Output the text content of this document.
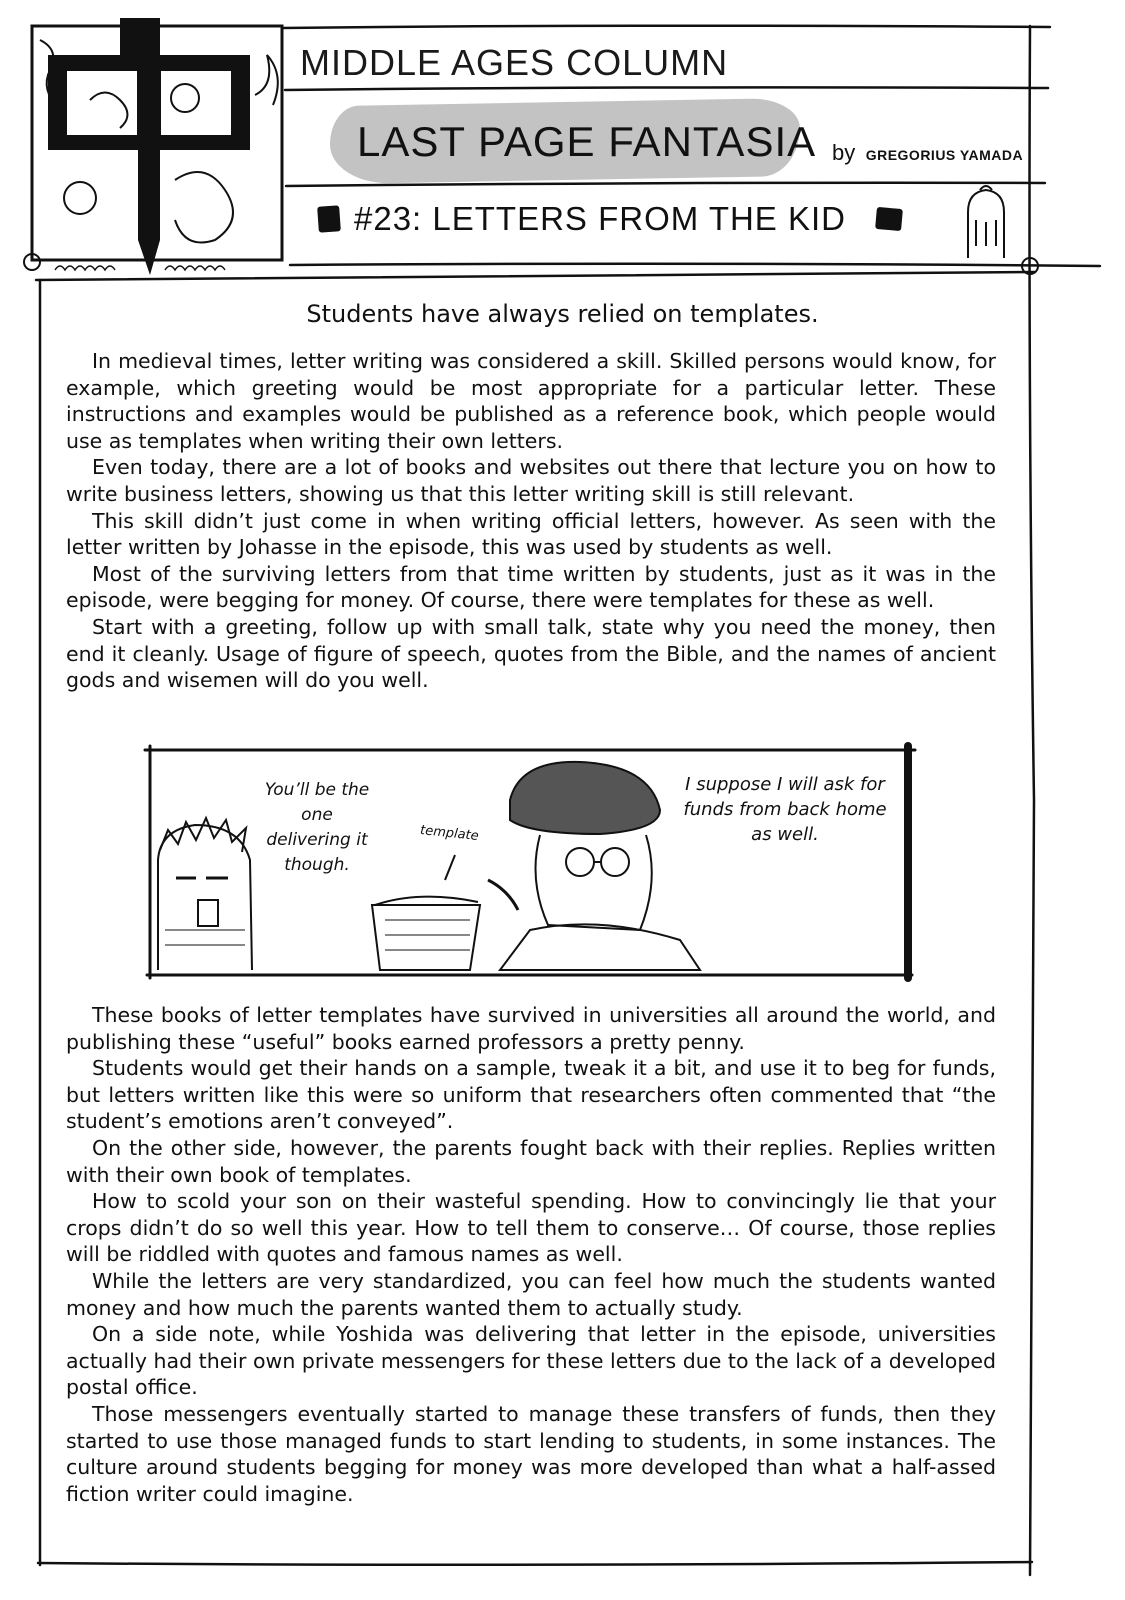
MIDDLE AGES COLUMN
LAST PAGE FANTASIA by GREGORIUS YAMADA
#23: LETTERS FROM THE KID
Students have always relied on templates.

In medieval times, letter writing was considered a skill. Skilled persons would know, for example, which greeting would be most appropriate for a particular letter. These instructions and examples would be published as a reference book, which people would use as templates when writing their own letters.

Even today, there are a lot of books and websites out there that lecture you on how to write business letters, showing us that this letter writing skill is still relevant.

This skill didn’t just come in when writing official letters, however. As seen with the letter written by Johasse in the episode, this was used by students as well.

Most of the surviving letters from that time written by students, just as it was in the episode, were begging for money. Of course, there were templates for these as well.

Start with a greeting, follow up with small talk, state why you need the money, then end it cleanly. Usage of figure of speech, quotes from the Bible, and the names of ancient gods and wisemen will do you well.

You’ll be the one delivering it though.
template
I suppose I will ask for funds from back home as well.

These books of letter templates have survived in universities all around the world, and publishing these “useful” books earned professors a pretty penny.

Students would get their hands on a sample, tweak it a bit, and use it to beg for funds, but letters written like this were so uniform that researchers often commented that “the student’s emotions aren’t conveyed”.

On the other side, however, the parents fought back with their replies. Replies written with their own book of templates.

How to scold your son on their wasteful spending. How to convincingly lie that your crops didn’t do so well this year. How to tell them to conserve… Of course, those replies will be riddled with quotes and famous names as well.

While the letters are very standardized, you can feel how much the students wanted money and how much the parents wanted them to actually study.

On a side note, while Yoshida was delivering that letter in the episode, universities actually had their own private messengers for these letters due to the lack of a developed postal office.

Those messengers eventually started to manage these transfers of funds, then they started to use those managed funds to start lending to students, in some instances. The culture around students begging for money was more developed than what a half-assed fiction writer could imagine.
